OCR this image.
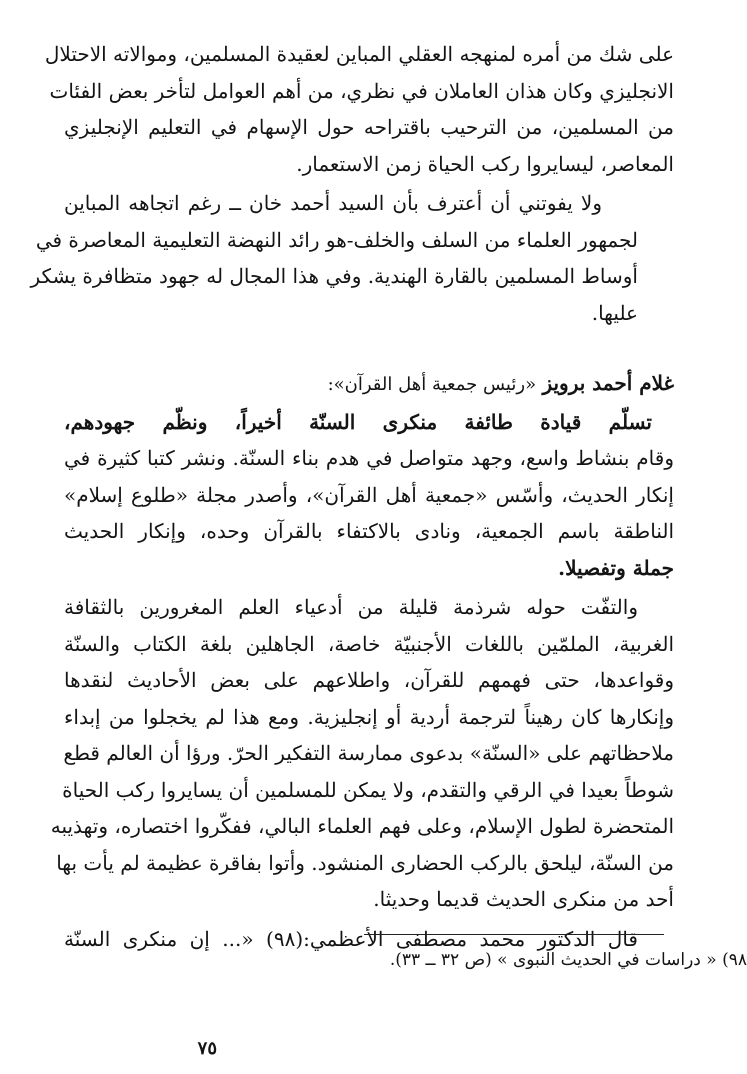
على شك من أمره لمنهجه العقلي المباين لعقيدة المسلمين، وموالاته الاحتلال
الانجليزي وكان هذان العاملان في نظري، من أهم العوامل لتأخر بعض الفئات
من المسلمين، من الترحيب باقتراحه حول الإسهام في التعليم الإنجليزي
المعاصر، ليسايروا ركب الحياة زمن الاستعمار.
ولا يفوتني أن أعترف بأن السيد أحمد خان ــ رغم اتجاهه المباين
لجمهور العلماء من السلف والخلف-هو رائد النهضة التعليمية المعاصرة في
أوساط المسلمين بالقارة الهندية. وفي هذا المجال له جهود متظافرة يشكر
عليها.
غلام أحمد برويز «رئيس جمعية أهل القرآن»:
تسلّم قيادة طائفة منكرى السنّة أخيراً، ونظّم جهودهم،
وقام بنشاط واسع، وجهد متواصل في هدم بناء السنّة. ونشر كتبا كثيرة في
إنكار الحديث، وأسّس «جمعية أهل القرآن»، وأصدر مجلة «طلوع إسلام»
الناطقة باسم الجمعية، ونادى بالاكتفاء بالقرآن وحده، وإنكار الحديث
جملة وتفصيلا.
والتفّت حوله شرذمة قليلة من أدعياء العلم المغرورين بالثقافة
الغربية، الملمّين باللغات الأجنبيّة خاصة، الجاهلين بلغة الكتاب والسنّة
وقواعدها، حتى فهمهم للقرآن، واطلاعهم على بعض الأحاديث لنقدها
وإنكارها كان رهيناً لترجمة أردية أو إنجليزية. ومع هذا لم يخجلوا من إبداء
ملاحظاتهم على «السنّة» بدعوى ممارسة التفكير الحرّ. ورؤا أن العالم قطع
شوطاً بعيدا في الرقي والتقدم، ولا يمكن للمسلمين أن يسايروا ركب الحياة
المتحضرة لطول الإسلام، وعلى فهم العلماء البالي، ففكّروا اختصاره، وتهذيبه
من السنّة، ليلحق بالركب الحضارى المنشود. وأتوا بفاقرة عظيمة لم يأت بها
أحد من منكرى الحديث قديما وحديثا.
قال الدكتور محمد مصطفى الأعظمي:(٩٨) «... إن منكرى السنّة
٩٨) « دراسات في الحديث النبوى » (ص ٣٢ ــ ٣٣).
٧٥
